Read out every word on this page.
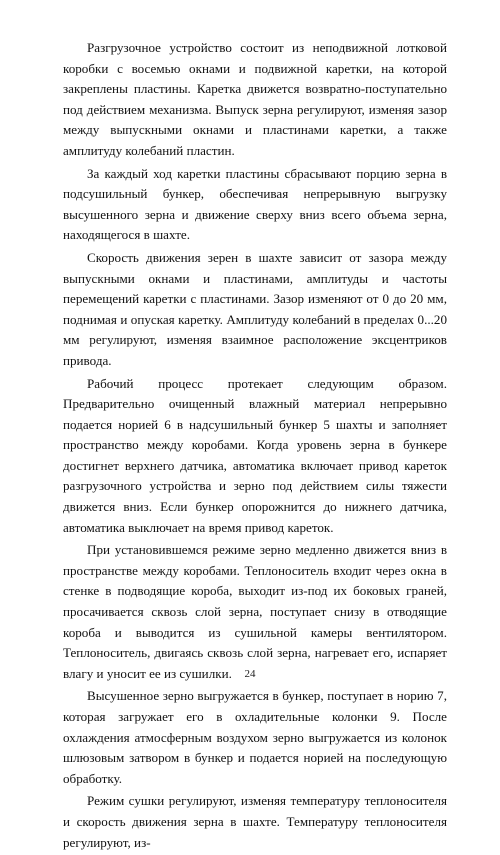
Разгрузочное устройство состоит из неподвижной лотковой коробки с восемью окнами и подвижной каретки, на которой закреплены пластины. Каретка движется возвратно-поступательно под действием механизма. Выпуск зерна регулируют, изменяя зазор между выпускными окнами и пластинами каретки, а также амплитуду колебаний пластин.

За каждый ход каретки пластины сбрасывают порцию зерна в подсушильный бункер, обеспечивая непрерывную выгрузку высушенного зерна и движение сверху вниз всего объема зерна, находящегося в шахте.

Скорость движения зерен в шахте зависит от зазора между выпускными окнами и пластинами, амплитуды и частоты перемещений каретки с пластинами. Зазор изменяют от 0 до 20 мм, поднимая и опуская каретку. Амплитуду колебаний в пределах 0...20 мм регулируют, изменяя взаимное расположение эксцентриков привода.

Рабочий процесс протекает следующим образом. Предварительно очищенный влажный материал непрерывно подается норией 6 в надсушильный бункер 5 шахты и заполняет пространство между коробами. Когда уровень зерна в бункере достигнет верхнего датчика, автоматика включает привод кареток разгрузочного устройства и зерно под действием силы тяжести движется вниз. Если бункер опорожнится до нижнего датчика, автоматика выключает на время привод кареток.

При установившемся режиме зерно медленно движется вниз в пространстве между коробами. Теплоноситель входит через окна в стенке в подводящие короба, выходит из-под их боковых граней, просачивается сквозь слой зерна, поступает снизу в отводящие короба и выводится из сушильной камеры вентилятором. Теплоноситель, двигаясь сквозь слой зерна, нагревает его, испаряет влагу и уносит ее из сушилки.

Высушенное зерно выгружается в бункер, поступает в норию 7, которая загружает его в охладительные колонки 9. После охлаждения атмосферным воздухом зерно выгружается из колонок шлюзовым затвором в бункер и подается норией на последующую обработку.

Режим сушки регулируют, изменяя температуру теплоносителя и скорость движения зерна в шахте. Температуру теплоносителя регулируют, из-

24
